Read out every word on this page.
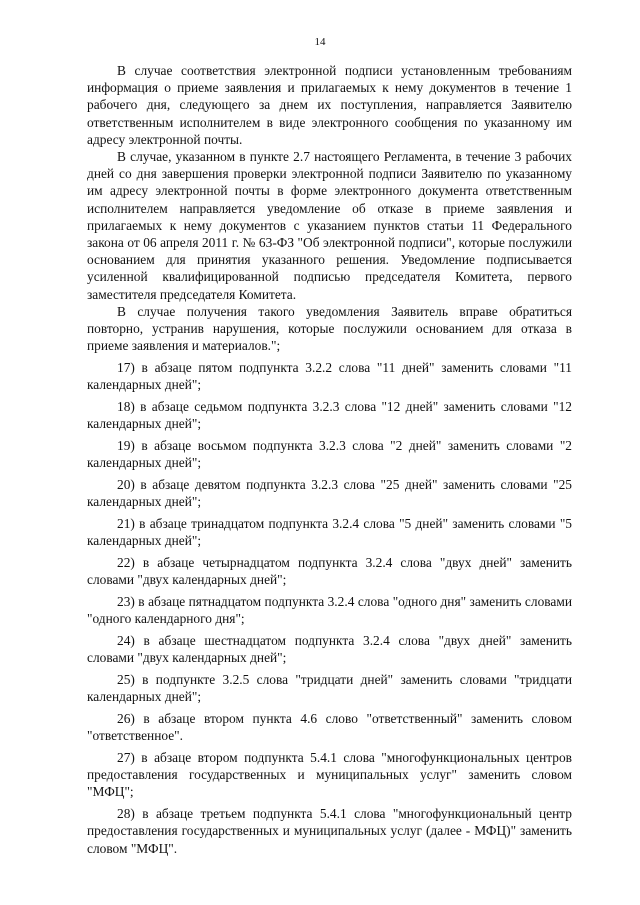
14

В случае соответствия электронной подписи установленным требованиям информация о приеме заявления и прилагаемых к нему документов в течение 1 рабочего дня, следующего за днем их поступления, направляется Заявителю ответственным исполнителем в виде электронного сообщения по указанному им адресу электронной почты.

В случае, указанном в пункте 2.7 настоящего Регламента, в течение 3 рабочих дней со дня завершения проверки электронной подписи Заявителю по указанному им адресу электронной почты в форме электронного документа ответственным исполнителем направляется уведомление об отказе в приеме заявления и прилагаемых к нему документов с указанием пунктов статьи 11 Федерального закона от 06 апреля 2011 г. № 63-ФЗ "Об электронной подписи", которые послужили основанием для принятия указанного решения. Уведомление подписывается усиленной квалифицированной подписью председателя Комитета, первого заместителя председателя Комитета.

В случае получения такого уведомления Заявитель вправе обратиться повторно, устранив нарушения, которые послужили основанием для отказа в приеме заявления и материалов.";

17) в абзаце пятом подпункта 3.2.2 слова "11 дней" заменить словами "11 календарных дней";

18) в абзаце седьмом подпункта 3.2.3 слова "12 дней" заменить словами "12 календарных дней";

19) в абзаце восьмом подпункта 3.2.3 слова "2 дней" заменить словами "2 календарных дней";

20) в абзаце девятом подпункта 3.2.3 слова "25 дней" заменить словами "25 календарных дней";

21) в абзаце тринадцатом подпункта 3.2.4 слова "5 дней" заменить словами "5 календарных дней";

22) в абзаце четырнадцатом подпункта 3.2.4 слова "двух дней" заменить словами "двух календарных дней";

23) в абзаце пятнадцатом подпункта 3.2.4 слова "одного дня" заменить словами "одного календарного дня";

24) в абзаце шестнадцатом подпункта 3.2.4 слова "двух дней" заменить словами "двух календарных дней";

25) в подпункте 3.2.5 слова "тридцати дней" заменить словами "тридцати календарных дней";

26) в абзаце втором пункта 4.6 слово "ответственный" заменить словом "ответственное".

27) в абзаце втором подпункта 5.4.1 слова "многофункциональных центров предоставления государственных и муниципальных услуг" заменить словом "МФЦ";

28) в абзаце третьем подпункта 5.4.1 слова "многофункциональный центр предоставления государственных и муниципальных услуг (далее - МФЦ)" заменить словом "МФЦ".
